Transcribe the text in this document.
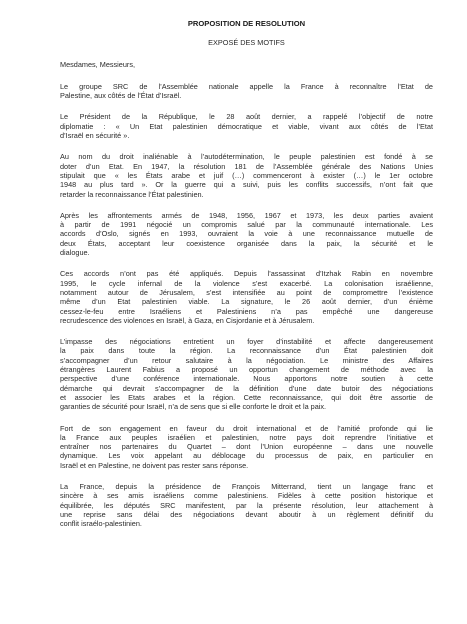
PROPOSITION DE RESOLUTION
EXPOSÉ DES MOTIFS
Mesdames, Messieurs,
Le groupe SRC de l’Assemblée nationale appelle la France à reconnaître l’Etat de
Palestine, aux côtés de l’État d’Israël.
Le Président de la République, le 28 août dernier, a rappelé l’objectif de notre
diplomatie : « Un Etat palestinien démocratique et viable, vivant aux côtés de l’Etat
d’Israël en sécurité ».
Au nom du droit inaliénable à l’autodétermination, le peuple palestinien est fondé à se
doter d’un Etat. En 1947, la résolution 181 de l’Assemblée générale des Nations Unies
stipulait que « les États arabe et juif (…) commenceront à exister (…) le 1er octobre
1948 au plus tard ». Or la guerre qui a suivi, puis les conflits successifs, n’ont fait que
retarder la reconnaissance l’État palestinien.
Après les affrontements armés de 1948, 1956, 1967 et 1973, les deux parties avaient
à partir de 1991 négocié un compromis salué par la communauté internationale. Les
accords d’Oslo, signés en 1993, ouvraient la voie à une reconnaissance mutuelle de
deux États, acceptant leur coexistence organisée dans la paix, la sécurité et le
dialogue.
Ces accords n’ont pas été appliqués. Depuis l’assassinat d’Itzhak Rabin en novembre
1995, le cycle infernal de la violence s’est exacerbé. La colonisation israélienne,
notamment autour de Jérusalem, s’est intensifiée au point de compromettre l’existence
même d’un Etat palestinien viable. La signature, le 26 août dernier, d’un énième
cessez-le-feu entre Israéliens et Palestiniens n’a pas empêché une dangereuse
recrudescence des violences en Israël, à Gaza, en Cisjordanie et à Jérusalem.
L’impasse des négociations entretient un foyer d’instabilité et affecte dangereusement
la paix dans toute la région. La reconnaissance d’un État palestinien doit
s’accompagner d’un retour salutaire à la négociation. Le ministre des Affaires
étrangères Laurent Fabius a proposé un opportun changement de méthode avec la
perspective d’une conférence internationale. Nous apportons notre soutien à cette
démarche qui devrait s’accompagner de la définition d’une date butoir des négociations
et associer les Etats arabes et la région. Cette reconnaissance, qui doit être assortie de
garanties de sécurité pour Israël, n’a de sens que si elle conforte le droit et la paix.
Fort de son engagement en faveur du droit international et de l’amitié profonde qui lie
la France aux peuples israélien et palestinien, notre pays doit reprendre l’initiative et
entraîner nos partenaires du Quartet – dont l’Union européenne – dans une nouvelle
dynamique. Les voix appelant au déblocage du processus de paix, en particulier en
Israël et en Palestine, ne doivent pas rester sans réponse.
La France, depuis la présidence de François Mitterrand, tient un langage franc et
sincère à ses amis israéliens comme palestiniens. Fidèles à cette position historique et
équilibrée, les députés SRC manifestent, par la présente résolution, leur attachement à
une reprise sans délai des négociations devant aboutir à un règlement définitif du
conflit israélo-palestinien.
